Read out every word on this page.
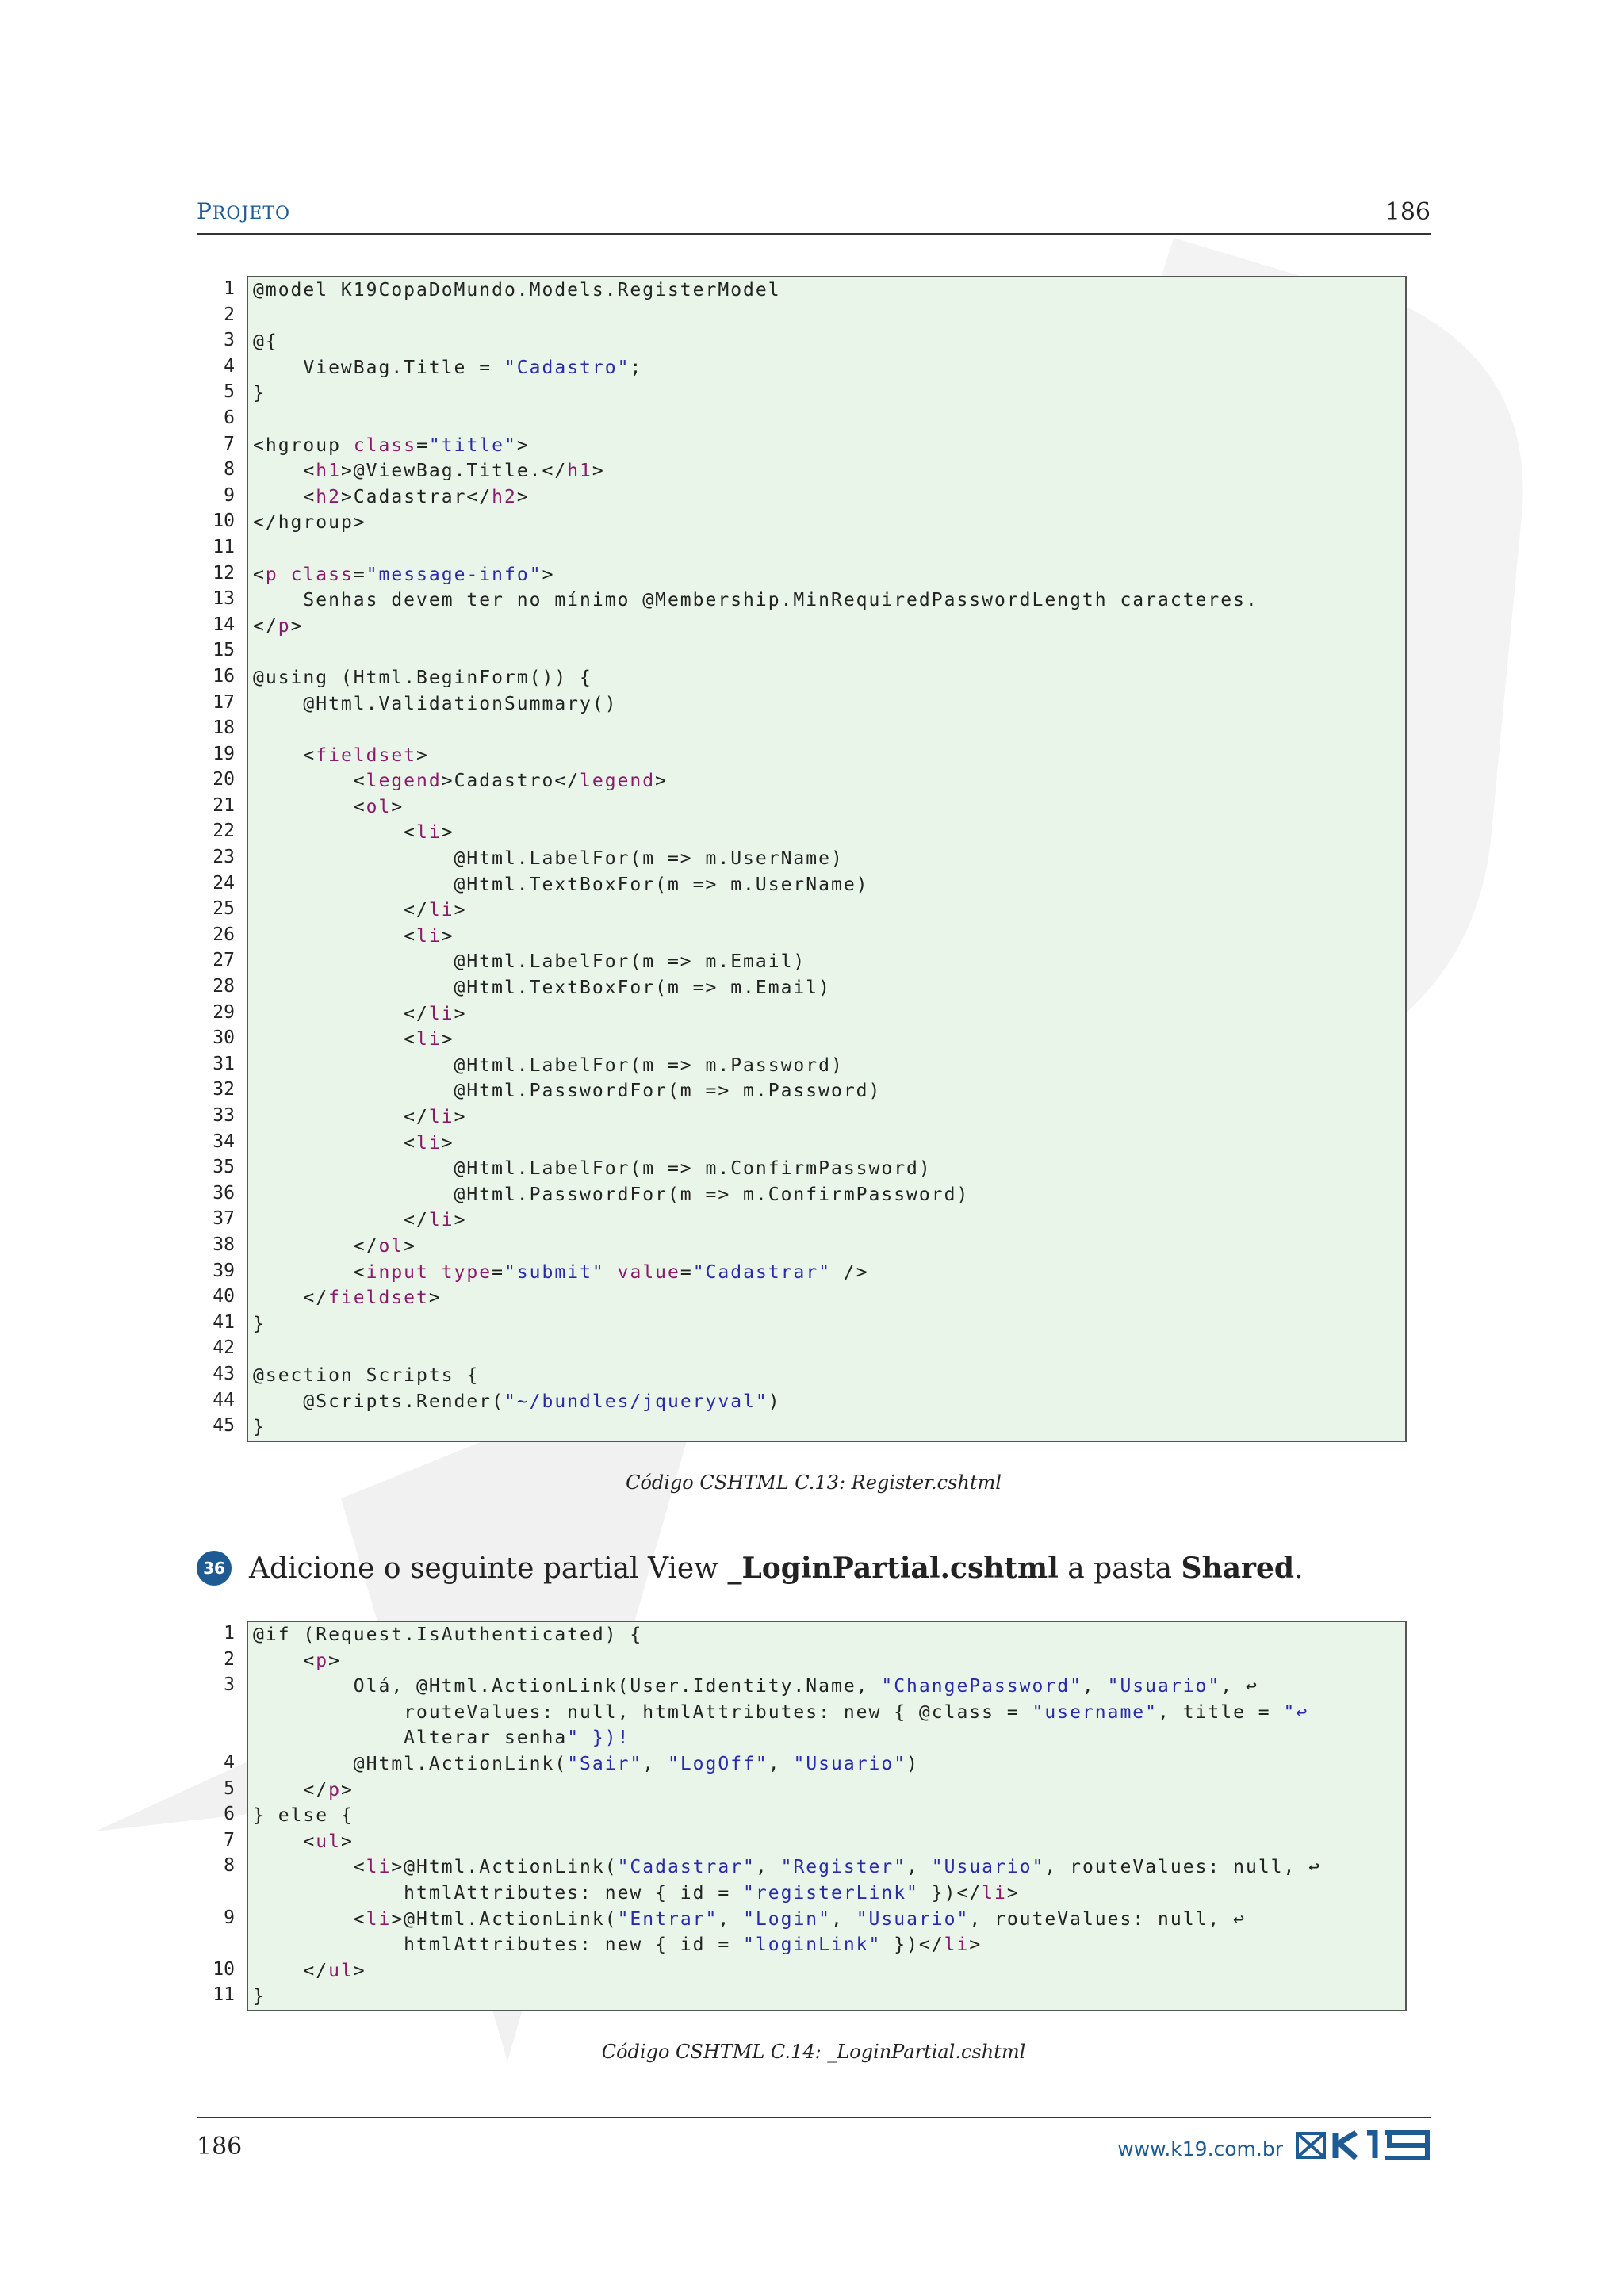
PROJETO	186
1
2
3
4
5
6
7
8
9
10
11
12
13
14
15
16
17
18
19
20
21
22
23
24
25
26
27
28
29
30
31
32
33
34
35
36
37
38
39
40
41
42
43
44
45
@model K19CopaDoMundo.Models.RegisterModel
@{
ViewBag.Title = "Cadastro";
}
<hgroup class="title">
<h1>@ViewBag.Title.</h1>
<h2>Cadastrar</h2>
</hgroup>
<p class="message-info">
Senhas devem ter no mínimo @Membership.MinRequiredPasswordLength caracteres.
</p>
@using (Html.BeginForm()) {
@Html.ValidationSummary()
<fieldset>
<legend>Cadastro</legend>
<ol>
<li>
@Html.LabelFor(m => m.UserName)
@Html.TextBoxFor(m => m.UserName)
</li>
<li>
@Html.LabelFor(m => m.Email)
@Html.TextBoxFor(m => m.Email)
</li>
<li>
@Html.LabelFor(m => m.Password)
@Html.PasswordFor(m => m.Password)
</li>
<li>
@Html.LabelFor(m => m.ConfirmPassword)
@Html.PasswordFor(m => m.ConfirmPassword)
</li>
</ol>
<input type="submit" value="Cadastrar" />
</fieldset>
}
@section Scripts {
@Scripts.Render("~/bundles/jqueryval")
}
Código CSHTML C.13: Register.cshtml
36 Adicione o seguinte partial View _LoginPartial.cshtml a pasta Shared.
1
2
3
4
5
6
7
8
9
10
11
@if (Request.IsAuthenticated) {
<p>
Olá, @Html.ActionLink(User.Identity.Name, "ChangePassword", "Usuario", ↩
routeValues: null, htmlAttributes: new { @class = "username", title = "↩
Alterar senha" })!
@Html.ActionLink("Sair", "LogOff", "Usuario")
</p>
} else {
<ul>
<li>@Html.ActionLink("Cadastrar", "Register", "Usuario", routeValues: null, ↩
htmlAttributes: new { id = "registerLink" })</li>
<li>@Html.ActionLink("Entrar", "Login", "Usuario", routeValues: null, ↩
htmlAttributes: new { id = "loginLink" })</li>
</ul>
}
Código CSHTML C.14: _LoginPartial.cshtml
186	www.k19.com.br
